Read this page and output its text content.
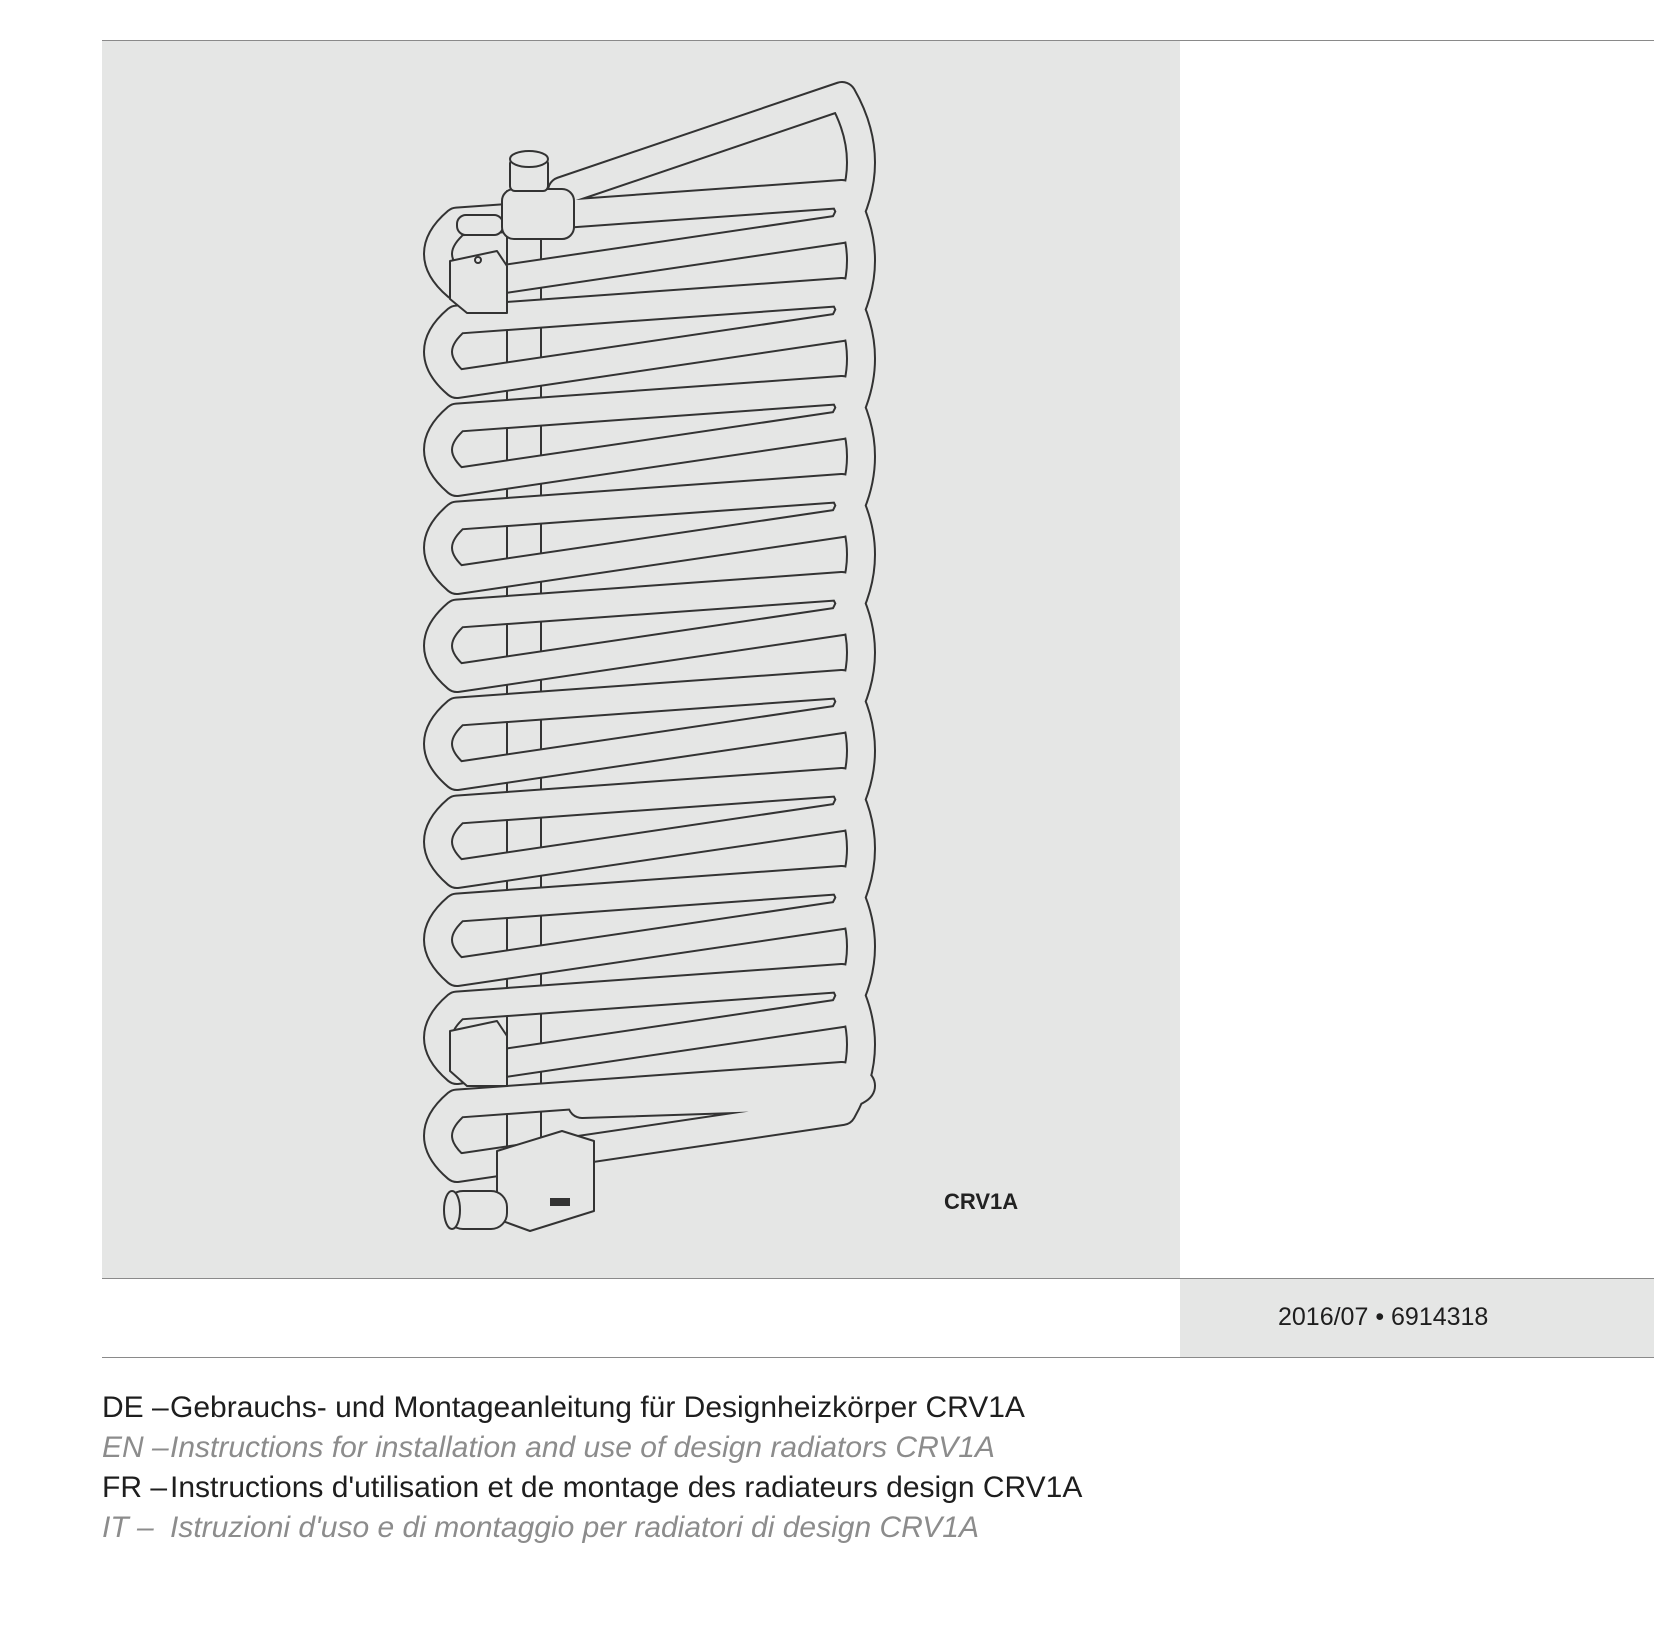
CRV1A
2016/07 • 6914318
DE –Gebrauchs- und Montageanleitung für Designheizkörper CRV1A
EN –Instructions for installation and use of design radiators CRV1A
FR –Instructions d'utilisation et de montage des radiateurs design CRV1A
IT – Istruzioni d'uso e di montaggio per radiatori di design CRV1A
